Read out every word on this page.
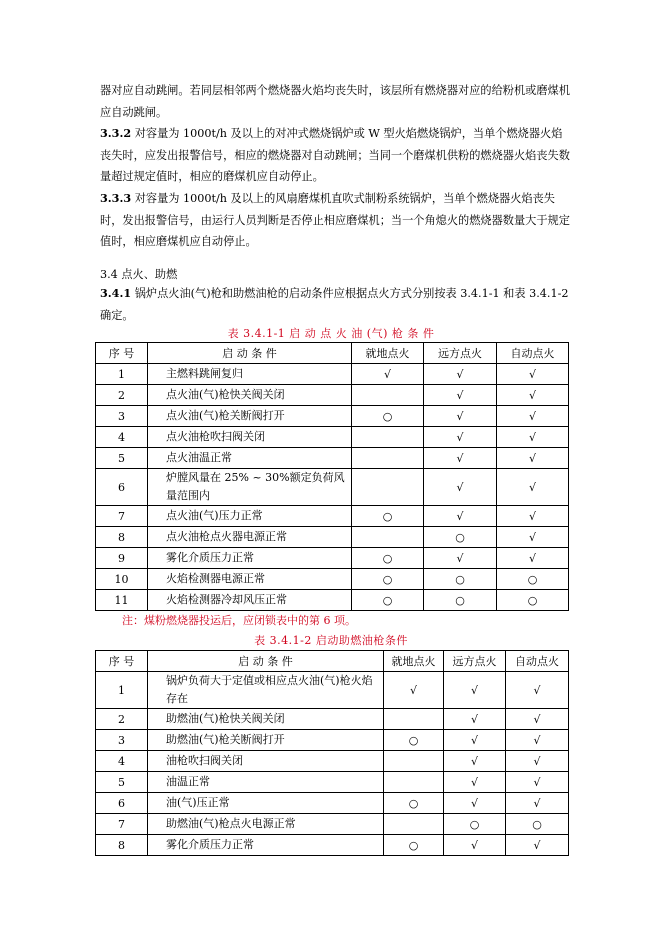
器对应自动跳闸。若同层相邻两个燃烧器火焰均丧失时，该层所有燃烧器对应的给粉机或磨煤机应自动跳闸。

3.3.2 对容量为 1000t/h 及以上的对冲式燃烧锅炉或 W 型火焰燃烧锅炉，当单个燃烧器火焰丧失时，应发出报警信号，相应的燃烧器对自动跳闸；当同一个磨煤机供粉的燃烧器火焰丧失数量超过规定值时，相应的磨煤机应自动停止。

3.3.3 对容量为 1000t/h 及以上的风扇磨煤机直吹式制粉系统锅炉，当单个燃烧器火焰丧失时，发出报警信号，由运行人员判断是否停止相应磨煤机；当一个角熄火的燃烧器数量大于规定值时，相应磨煤机应自动停止。

3.4 点火、助燃

3.4.1 锅炉点火油(气)枪和助燃油枪的启动条件应根据点火方式分别按表 3.4.1-1 和表 3.4.1-2 确定。

表 3.4.1-1 启 动 点 火 油 (气) 枪 条 件

序 号	启 动 条 件	就地点火	远方点火	自动点火
1	主燃料跳闸复归	√	√	√
2	点火油(气)枪快关阀关闭		√	√
3	点火油(气)枪关断阀打开	○	√	√
4	点火油枪吹扫阀关闭		√	√
5	点火油温正常		√	√
6	炉膛风量在 25% ~ 30%额定负荷风量范围内		√	√
7	点火油(气)压力正常	○	√	√
8	点火油枪点火器电源正常		○	√
9	雾化介质压力正常	○	√	√
10	火焰检测器电源正常	○	○	○
11	火焰检测器冷却风压正常	○	○	○

注：煤粉燃烧器投运后，应闭锁表中的第 6 项。

表 3.4.1-2 启动助燃油枪条件

序 号	启 动 条 件	就地点火	远方点火	自动点火
1	锅炉负荷大于定值或相应点火油(气)枪火焰存在	√	√	√
2	助燃油(气)枪快关阀关闭		√	√
3	助燃油(气)枪关断阀打开	○	√	√
4	油枪吹扫阀关闭		√	√
5	油温正常		√	√
6	油(气)压正常	○	√	√
7	助燃油(气)枪点火电源正常		○	○
8	雾化介质压力正常	○	√	√
